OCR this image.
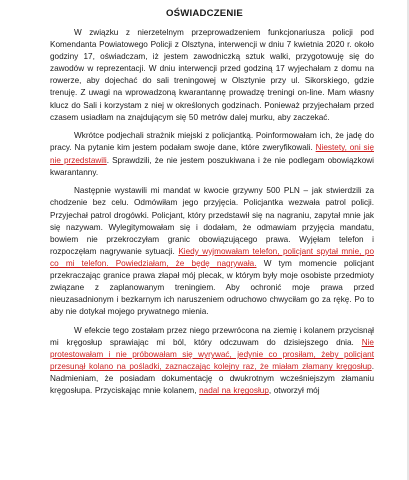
OŚWIADCZENIE

W związku z nierzetelnym przeprowadzeniem funkcjonariusza policji pod Komendanta Powiatowego Policji z Olsztyna, interwencji w dniu 7 kwietnia 2020 r. około godziny 17, oświadczam, iż jestem zawodniczką sztuk walki, przygotowuję się do zawodów w reprezentacji. W dniu interwencji przed godziną 17 wyjechałam z domu na rowerze, aby dojechać do sali treningowej w Olsztynie przy ul. Sikorskiego, gdzie trenuję. Z uwagi na wprowadzoną kwarantannę prowadzę treningi on-line. Mam własny klucz do Sali i korzystam z niej w określonych godzinach. Ponieważ przyjechałam przed czasem usiadłam na znajdującym się 50 metrów dalej murku, aby zaczekać.

Wkrótce podjechali strażnik miejski z policjantką. Poinformowałam ich, że jadę do pracy. Na pytanie kim jestem podałam swoje dane, które zweryfikowali. Niestety, oni się nie przedstawili. Sprawdzili, że nie jestem poszukiwana i że nie podlegam obowiązkowi kwarantanny.

Następnie wystawili mi mandat w kwocie grzywny 500 PLN – jak stwierdzili za chodzenie bez celu. Odmówiłam jego przyjęcia. Policjantka wezwała patrol policji. Przyjechał patrol drogówki. Policjant, który przedstawił się na nagraniu, zapytał mnie jak się nazywam. Wylegitymowałam się i dodałam, że odmawiam przyjęcia mandatu, bowiem nie przekroczyłam granic obowiązującego prawa. Wyjęłam telefon i rozpoczęłam nagrywanie sytuacji. Kiedy wyjmowałam telefon, policjant spytał mnie, po co mi telefon. Powiedziałam, że będę nagrywała. W tym momencie policjant przekraczając granice prawa złapał mój plecak, w którym były moje osobiste przedmioty związane z zaplanowanym treningiem. Aby ochronić moje prawa przed nieuzasadnionym i bezkarnym ich naruszeniem odruchowo chwyciłam go za rękę. Po to aby nie dotykał mojego prywatnego mienia.

W efekcie tego zostałam przez niego przewrócona na ziemię i kolanem przycisnął mi kręgosłup sprawiając mi ból, który odczuwam do dzisiejszego dnia. Nie protestowałam i nie próbowałam się wyrywać, jedynie co prosiłam, żeby policjant przesunął kolano na pośladki, zaznaczając kolejny raz, że miałam złamany kręgosłup. Nadmieniam, że posiadam dokumentację o dwukrotnym wcześniejszym złamaniu kręgosłupa. Przyciskając mnie kolanem, nadal na kręgosłup, otworzył mój
